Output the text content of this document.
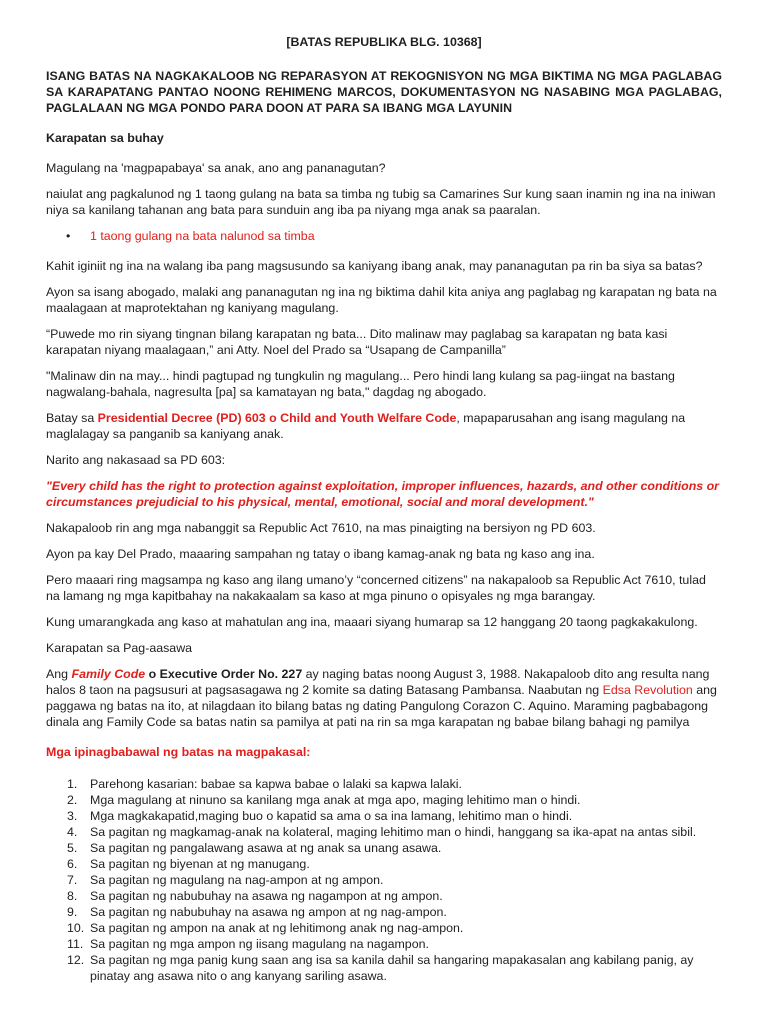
[BATAS REPUBLIKA BLG. 10368]
ISANG BATAS NA NAGKAKALOOB NG REPARASYON AT REKOGNISYON NG MGA BIKTIMA NG MGA PAGLABAG SA KARAPATANG PANTAO NOONG REHIMENG MARCOS, DOKUMENTASYON NG NASABING MGA PAGLABAG, PAGLALAAN NG MGA PONDO PARA DOON AT PARA SA IBANG MGA LAYUNIN
Karapatan sa buhay

Magulang na 'magpapabaya' sa anak, ano ang pananagutan?

naiulat ang pagkalunod ng 1 taong gulang na bata sa timba ng tubig sa Camarines Sur kung saan inamin ng ina na iniwan niya sa kanilang tahanan ang bata para sunduin ang iba pa niyang mga anak sa paaralan.

• 1 taong gulang na bata nalunod sa timba

Kahit iginiit ng ina na walang iba pang magsusundo sa kaniyang ibang anak, may pananagutan pa rin ba siya sa batas?

Ayon sa isang abogado, malaki ang pananagutan ng ina ng biktima dahil kita aniya ang paglabag ng karapatan ng bata na maalagaan at maprotektahan ng kaniyang magulang.

“Puwede mo rin siyang tingnan bilang karapatan ng bata... Dito malinaw may paglabag sa karapatan ng bata kasi karapatan niyang maalagaan,” ani Atty. Noel del Prado sa “Usapang de Campanilla”

"Malinaw din na may... hindi pagtupad ng tungkulin ng magulang... Pero hindi lang kulang sa pag-iingat na bastang nagwalang-bahala, nagresulta [pa] sa kamatayan ng bata," dagdag ng abogado.

Batay sa Presidential Decree (PD) 603 o Child and Youth Welfare Code, mapaparusahan ang isang magulang na maglalagay sa panganib sa kaniyang anak.

Narito ang nakasaad sa PD 603:

"Every child has the right to protection against exploitation, improper influences, hazards, and other conditions or circumstances prejudicial to his physical, mental, emotional, social and moral development."

Nakapaloob rin ang mga nabanggit sa Republic Act 7610, na mas pinaigting na bersiyon ng PD 603.

Ayon pa kay Del Prado, maaaring sampahan ng tatay o ibang kamag-anak ng bata ng kaso ang ina.

Pero maaari ring magsampa ng kaso ang ilang umano’y “concerned citizens” na nakapaloob sa Republic Act 7610, tulad na lamang ng mga kapitbahay na nakakaalam sa kaso at mga pinuno o opisyales ng mga barangay.

Kung umarangkada ang kaso at mahatulan ang ina, maaari siyang humarap sa 12 hanggang 20 taong pagkakakulong.

Karapatan sa Pag-aasawa

Ang Family Code o Executive Order No. 227 ay naging batas noong August 3, 1988. Nakapaloob dito ang resulta nang halos 8 taon na pagsusuri at pagsasagawa ng 2 komite sa dating Batasang Pambansa. Naabutan ng Edsa Revolution ang paggawa ng batas na ito, at nilagdaan ito bilang batas ng dating Pangulong Corazon C. Aquino. Maraming pagbabagong dinala ang Family Code sa batas natin sa pamilya at pati na rin sa mga karapatan ng babae bilang bahagi ng pamilya

Mga ipinagbabawal ng batas na magpakasal:
1.	Parehong kasarian: babae sa kapwa babae o lalaki sa kapwa lalaki.
2.	Mga magulang at ninuno sa kanilang mga anak at mga apo, maging lehitimo man o hindi.
3.	Mga magkakapatid,maging buo o kapatid sa ama o sa ina lamang, lehitimo man o hindi.
4.	Sa pagitan ng magkamag-anak na kolateral, maging lehitimo man o hindi, hanggang sa ika-apat na antas sibil.
5.	Sa pagitan ng pangalawang asawa at ng anak sa unang asawa.
6.	Sa pagitan ng biyenan at ng manugang.
7.	Sa pagitan ng magulang na nag-ampon at ng ampon.
8.	Sa pagitan ng nabubuhay na asawa ng nagampon at ng ampon.
9.	Sa pagitan ng nabubuhay na asawa ng ampon at ng nag-ampon.
10. Sa pagitan ng ampon na anak at ng lehitimong anak ng nag-ampon.
11. Sa pagitan ng mga ampon ng iisang magulang na nagampon.
12. Sa pagitan ng mga panig kung saan ang isa sa kanila dahil sa hangaring mapakasalan ang kabilang panig, ay pinatay ang asawa nito o ang kanyang sariling asawa.
